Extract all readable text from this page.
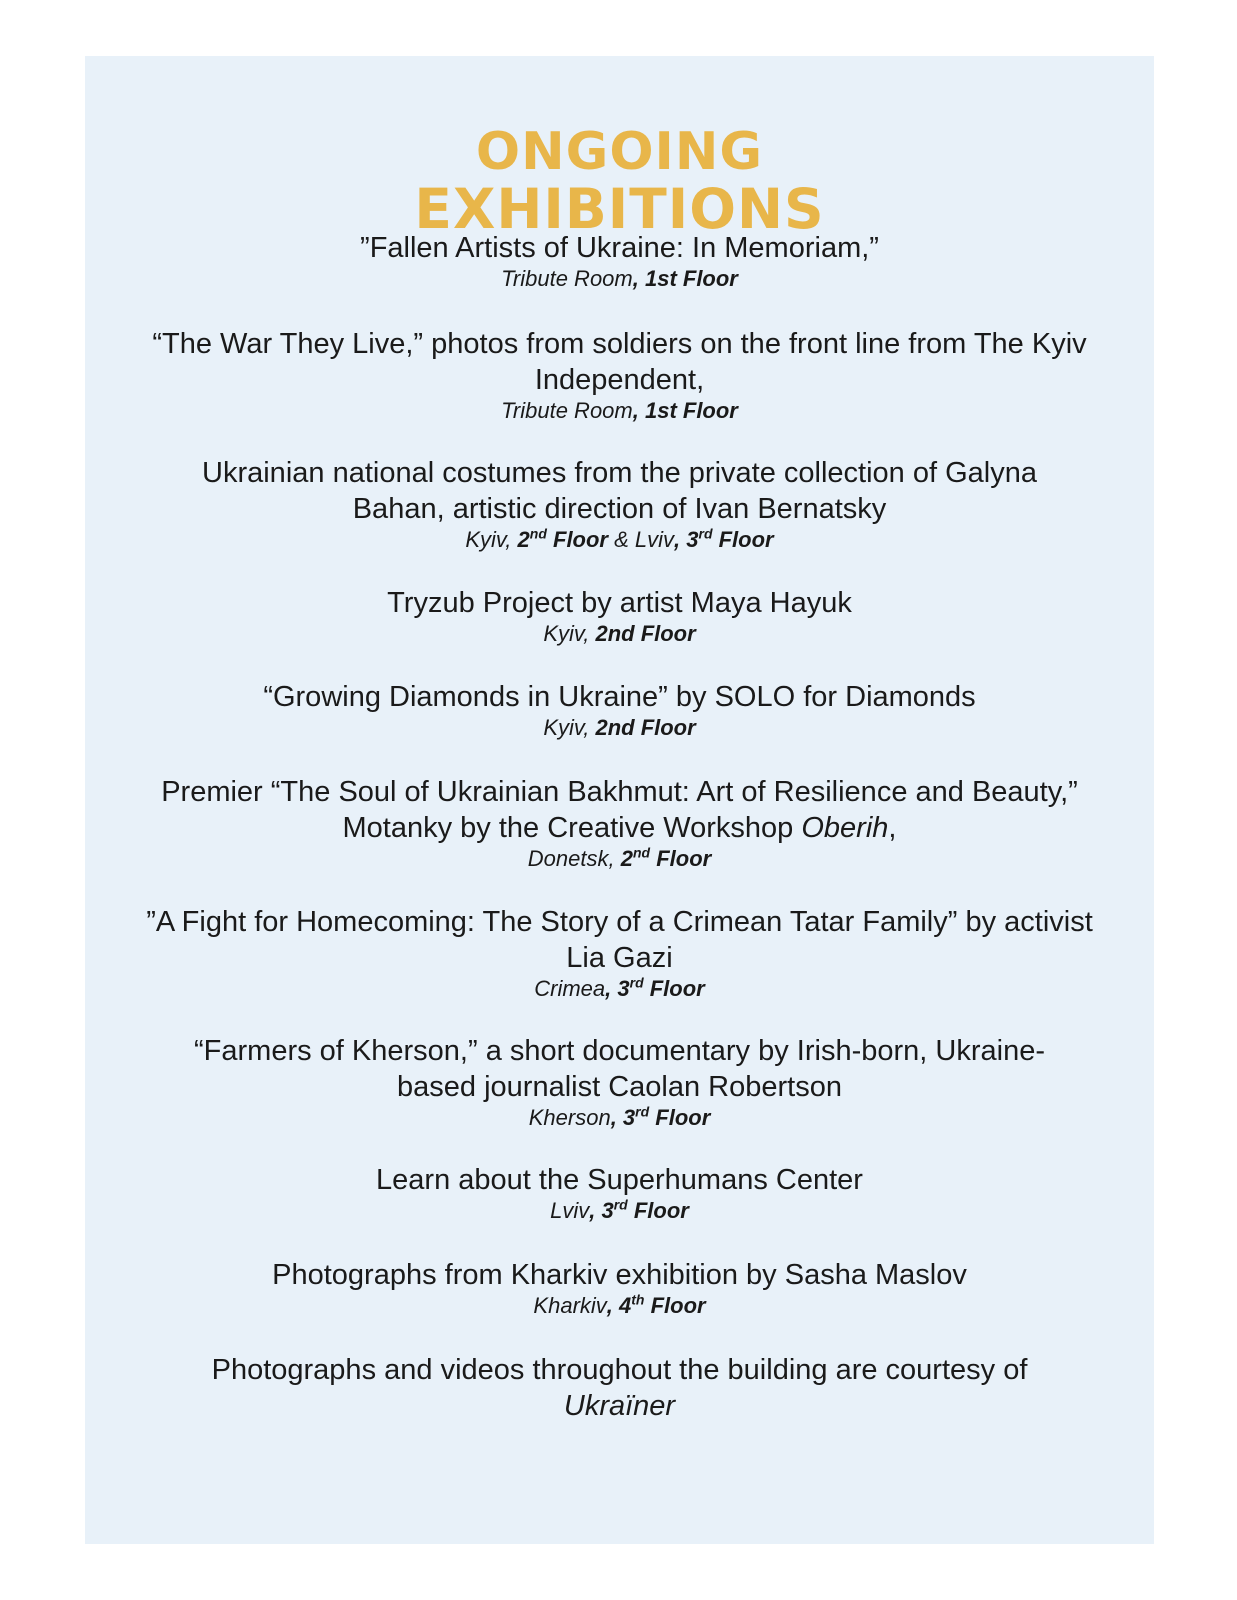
ONGOING
EXHIBITIONS
”Fallen Artists of Ukraine: In Memoriam,”
Tribute Room, 1st Floor
“The War They Live,” photos from soldiers on the front line from The Kyiv Independent,
Tribute Room, 1st Floor
Ukrainian national costumes from the private collection of Galyna Bahan, artistic direction of Ivan Bernatsky
Kyiv, 2nd Floor & Lviv, 3rd Floor
Tryzub Project by artist Maya Hayuk
Kyiv, 2nd Floor
“Growing Diamonds in Ukraine” by SOLO for Diamonds
Kyiv, 2nd Floor
Premier “The Soul of Ukrainian Bakhmut: Art of Resilience and Beauty,” Motanky by the Creative Workshop Oberih,
Donetsk, 2nd Floor
”A Fight for Homecoming: The Story of a Crimean Tatar Family” by activist Lia Gazi
Crimea, 3rd Floor
“Farmers of Kherson,” a short documentary by Irish-born, Ukraine-based journalist Caolan Robertson
Kherson, 3rd Floor
Learn about the Superhumans Center
Lviv, 3rd Floor
Photographs from Kharkiv exhibition by Sasha Maslov
Kharkiv, 4th Floor
Photographs and videos throughout the building are courtesy of
Ukraïner
